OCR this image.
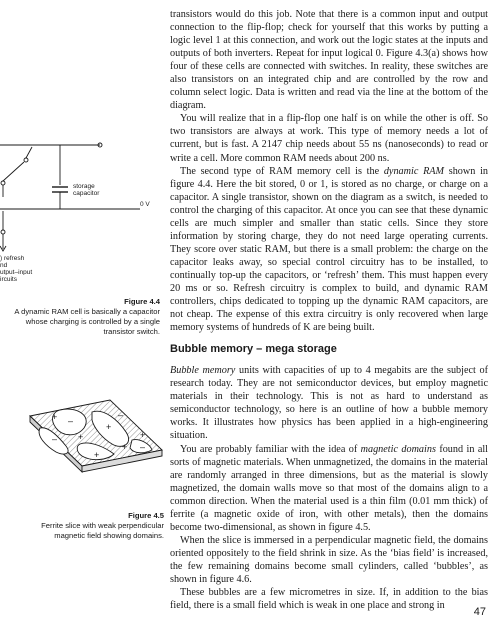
storage
capacitor
0 V
) refresh
nd
utput–input
ircuits
Figure 4.4
A dynamic RAM cell is basically a capacitor whose charging is controlled by a single transistor switch.
–
+
+
+
– +
+
+
–
–
Figure 4.5
Ferrite slice with weak perpendicular magnetic field showing domains.

transistors would do this job. Note that there is a common input and output connection to the flip-flop; check for yourself that this works by putting a logic level 1 at this connection, and work out the logic states at the inputs and outputs of both inverters. Repeat for input logical 0. Figure 4.3(a) shows how four of these cells are connected with switches. In reality, these switches are also transistors on an integrated chip and are controlled by the row and column select logic. Data is written and read via the line at the bottom of the diagram.

You will realize that in a flip-flop one half is on while the other is off. So two transistors are always at work. This type of memory needs a lot of current, but is fast. A 2147 chip needs about 55 ns (nanoseconds) to read or write a cell. More common RAM needs about 200 ns.

The second type of RAM memory cell is the dynamic RAM shown in figure 4.4. Here the bit stored, 0 or 1, is stored as no charge, or charge on a capacitor. A single transistor, shown on the diagram as a switch, is needed to control the charging of this capacitor. At once you can see that these dynamic cells are much simpler and smaller than static cells. Since they store information by storing charge, they do not need large operating currents. They score over static RAM, but there is a small problem: the charge on the capacitor leaks away, so special control circuitry has to be installed, to continually top-up the capacitors, or ‘refresh’ them. This must happen every 20 ms or so. Refresh circuitry is complex to build, and dynamic RAM controllers, chips dedicated to topping up the dynamic RAM capacitors, are not cheap. The expense of this extra circuitry is only recovered when large memory systems of hundreds of K are being built.

Bubble memory – mega storage

Bubble memory units with capacities of up to 4 megabits are the subject of research today. They are not semiconductor devices, but employ magnetic materials in their technology. This is not as hard to understand as semiconductor technology, so here is an outline of how a bubble memory works. It illustrates how physics has been applied in a high-engineering situation.

You are probably familiar with the idea of magnetic domains found in all sorts of magnetic materials. When unmagnetized, the domains in the material are randomly arranged in three dimensions, but as the material is slowly magnetized, the domain walls move so that most of the domains align to a common direction. When the material used is a thin film (0.01 mm thick) of ferrite (a magnetic oxide of iron, with other metals), then the domains become two-dimensional, as shown in figure 4.5.

When the slice is immersed in a perpendicular magnetic field, the domains oriented oppositely to the field shrink in size. As the ‘bias field’ is increased, the few remaining domains become small cylinders, called ‘bubbles’, as shown in figure 4.6.

These bubbles are a few micrometres in size. If, in addition to the bias field, there is a small field which is weak in one place and strong in

47
